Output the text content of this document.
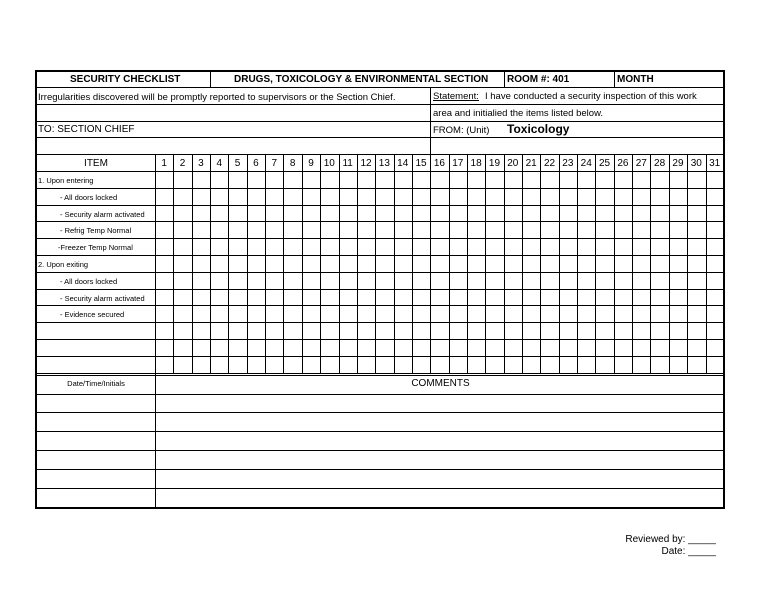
SECURITY CHECKLIST	DRUGS, TOXICOLOGY & ENVIRONMENTAL SECTION ROOM #: 401	MONTH
Irregularities discovered will be promptly reported to supervisors or the Section Chief.	Statement: I have conducted a security inspection of this work
area and initialied the items listed below.
TO: SECTION CHIEF	FROM: (Unit) Toxicology
ITEM	1	2	3	4	5	6	7	8	9	10 11 12 13 14 15 16 17 18 19 20 21 22 23 24 25 26 27 28 29 30 31
1. Upon entering
- All doors locked
- Security alarm activated
- Refrig Temp Normal
-Freezer Temp Normal
2. Upon exiting
- All doors locked
- Security alarm activated
- Evidence secured
Date/Time/Initials	COMMENTS
Reviewed by: _____
Date: _____
